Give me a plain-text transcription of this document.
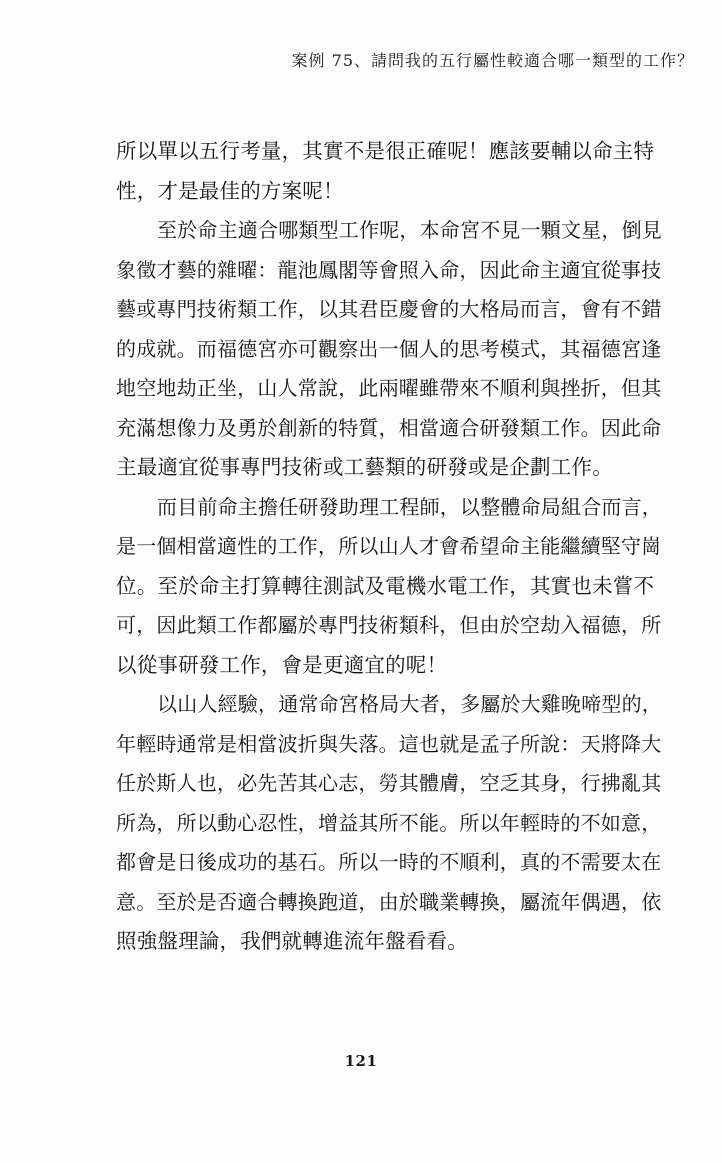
案例 75、請問我的五行屬性較適合哪一類型的工作？
所以單以五行考量，其實不是很正確呢！應該要輔以命主特
性，才是最佳的方案呢！
至於命主適合哪類型工作呢，本命宮不見一顆文星，倒見
象徵才藝的雜曜：龍池鳳閣等會照入命，因此命主適宜從事技
藝或專門技術類工作，以其君臣慶會的大格局而言，會有不錯
的成就。而福德宮亦可觀察出一個人的思考模式，其福德宮逢
地空地劫正坐，山人常說，此兩曜雖帶來不順利與挫折，但其
充滿想像力及勇於創新的特質，相當適合研發類工作。因此命
主最適宜從事專門技術或工藝類的研發或是企劃工作。
而目前命主擔任研發助理工程師，以整體命局組合而言，
是一個相當適性的工作，所以山人才會希望命主能繼續堅守崗
位。至於命主打算轉往測試及電機水電工作，其實也未嘗不
可，因此類工作都屬於專門技術類科，但由於空劫入福德，所
以從事研發工作，會是更適宜的呢！
以山人經驗，通常命宮格局大者，多屬於大雞晚啼型的，
年輕時通常是相當波折與失落。這也就是孟子所說：天將降大
任於斯人也，必先苦其心志，勞其體膚，空乏其身，行拂亂其
所為，所以動心忍性，增益其所不能。所以年輕時的不如意，
都會是日後成功的基石。所以一時的不順利，真的不需要太在
意。至於是否適合轉換跑道，由於職業轉換，屬流年偶遇，依
照強盤理論，我們就轉進流年盤看看。
121
